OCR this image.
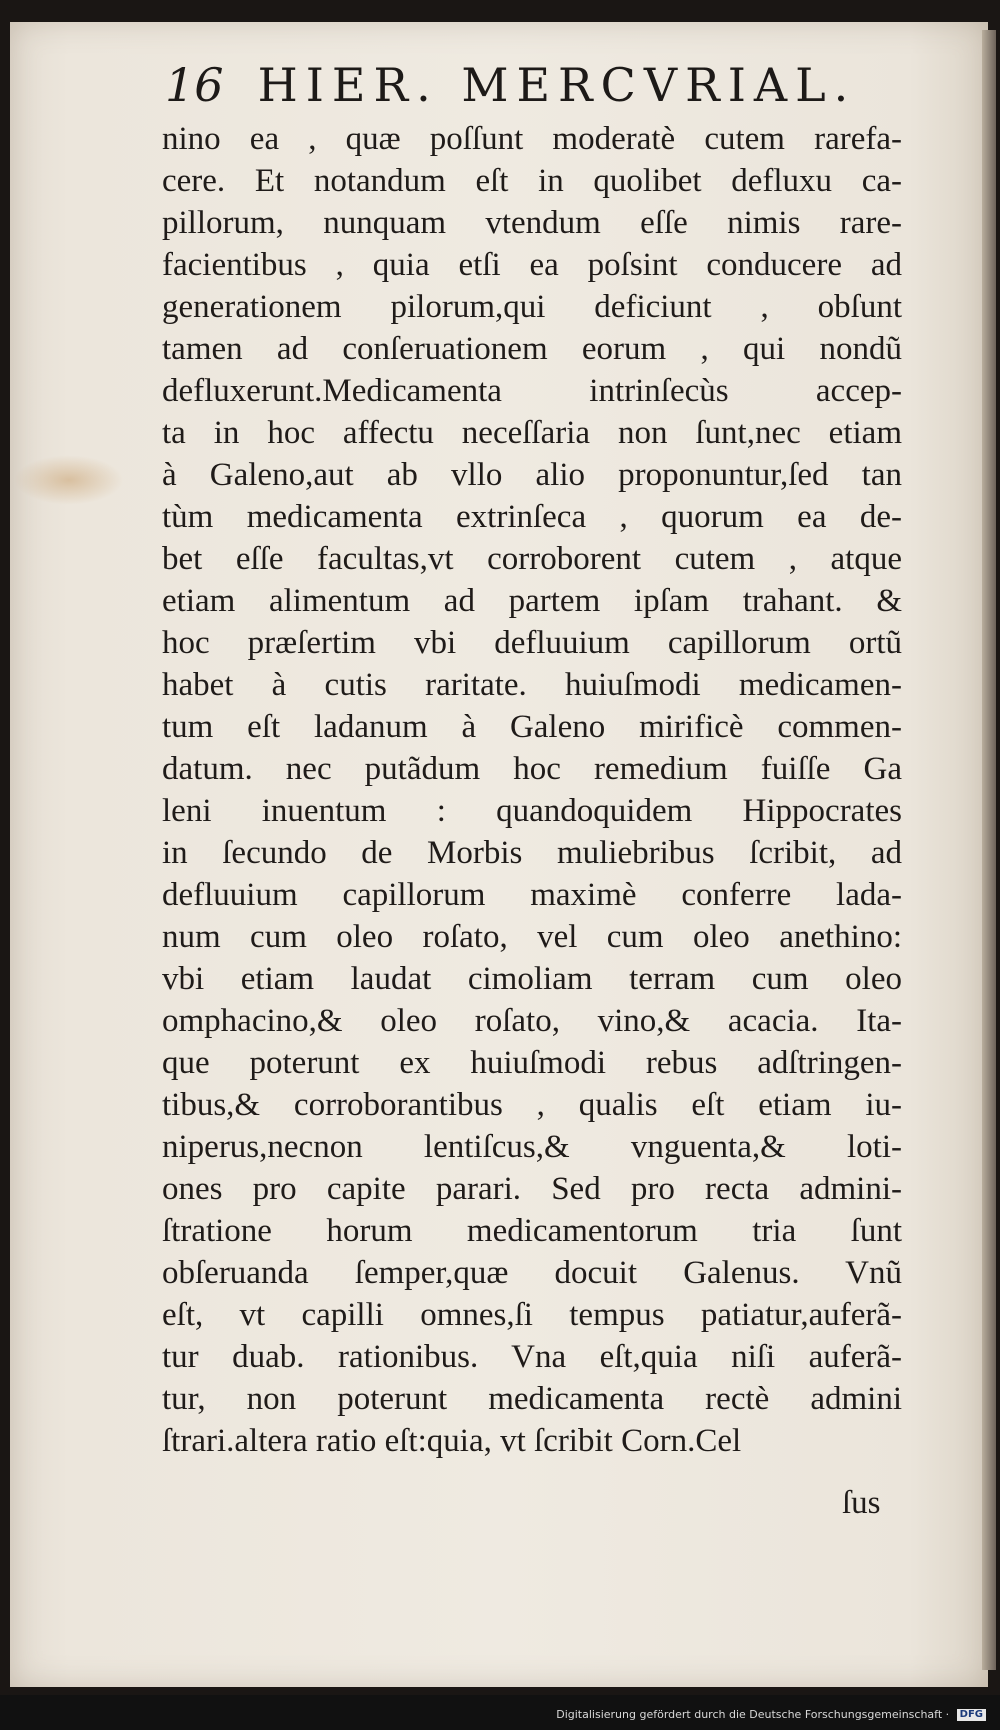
16 HIER. MERCVRIAL.
nino ea , quæ poſſunt moderatè cutem rarefa-
cere. Et notandum eſt in quolibet defluxu ca-
pillorum, nunquam vtendum eſſe nimis rare-
facientibus , quia etſi ea poſsint conducere ad
generationem pilorum,qui deficiunt , obſunt
tamen ad conſeruationem eorum , qui nondũ
defluxerunt.Medicamenta intrinſecùs accep-
ta in hoc affectu neceſſaria non ſunt,nec etiam
à Galeno,aut ab vllo alio proponuntur,ſed tan
tùm medicamenta extrinſeca , quorum ea de-
bet eſſe facultas,vt corroborent cutem , atque
etiam alimentum ad partem ipſam trahant. &
hoc præſertim vbi defluuium capillorum ortũ
habet à cutis raritate. huiuſmodi medicamen-
tum eſt ladanum à Galeno mirificè commen-
datum. nec putãdum hoc remedium fuiſſe Ga
leni inuentum : quandoquidem Hippocrates
in ſecundo de Morbis muliebribus ſcribit, ad
defluuium capillorum maximè conferre lada-
num cum oleo roſato, vel cum oleo anethino:
vbi etiam laudat cimoliam terram cum oleo
omphacino,& oleo roſato, vino,& acacia. Ita-
que poterunt ex huiuſmodi rebus adſtringen-
tibus,& corroborantibus , qualis eſt etiam iu-
niperus,necnon lentiſcus,& vnguenta,& loti-
ones pro capite parari. Sed pro rectа admini-
ſtratione horum medicamentorum tria ſunt
obſeruanda ſemper,quæ docuit Galenus. Vnũ
eſt, vt capilli omnes,ſi tempus patiatur,auferã-
tur duab. rationibus. Vna eſt,quia niſi auferã-
tur, non poterunt medicamenta rectè admini
ſtrari.altera ratio eſt:quia, vt ſcribit Corn.Cel
ſus
Digitalisierung gefördert durch die Deutsche Forschungsgemeinschaft · DFG
